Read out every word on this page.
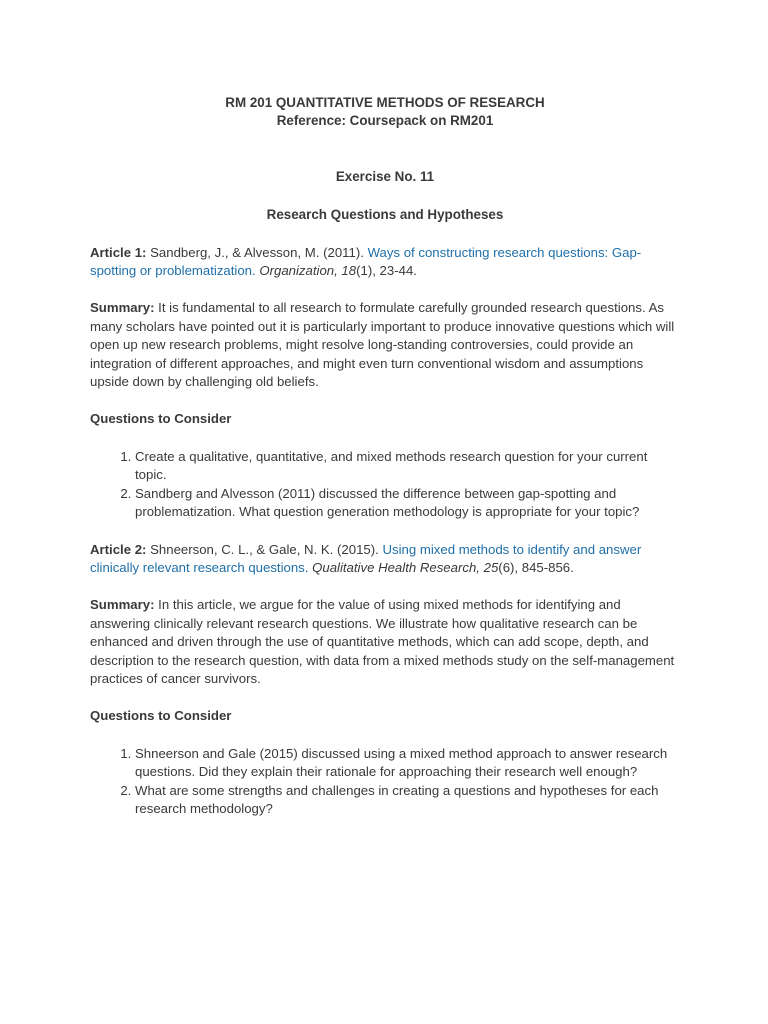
RM 201 QUANTITATIVE METHODS OF RESEARCH
Reference: Coursepack on RM201
Exercise No. 11
Research Questions and Hypotheses

Article 1: Sandberg, J., & Alvesson, M. (2011). Ways of constructing research questions: Gap-spotting or problematization. Organization, 18(1), 23-44.

Summary: It is fundamental to all research to formulate carefully grounded research questions. As many scholars have pointed out it is particularly important to produce innovative questions which will open up new research problems, might resolve long-standing controversies, could provide an integration of different approaches, and might even turn conventional wisdom and assumptions upside down by challenging old beliefs.

Questions to Consider
1. Create a qualitative, quantitative, and mixed methods research question for your current topic.
2. Sandberg and Alvesson (2011) discussed the difference between gap-spotting and problematization. What question generation methodology is appropriate for your topic?

Article 2: Shneerson, C. L., & Gale, N. K. (2015). Using mixed methods to identify and answer clinically relevant research questions. Qualitative Health Research, 25(6), 845-856.

Summary: In this article, we argue for the value of using mixed methods for identifying and answering clinically relevant research questions. We illustrate how qualitative research can be enhanced and driven through the use of quantitative methods, which can add scope, depth, and description to the research question, with data from a mixed methods study on the self-management practices of cancer survivors.

Questions to Consider
1. Shneerson and Gale (2015) discussed using a mixed method approach to answer research questions. Did they explain their rationale for approaching their research well enough?
2. What are some strengths and challenges in creating a questions and hypotheses for each research methodology?
